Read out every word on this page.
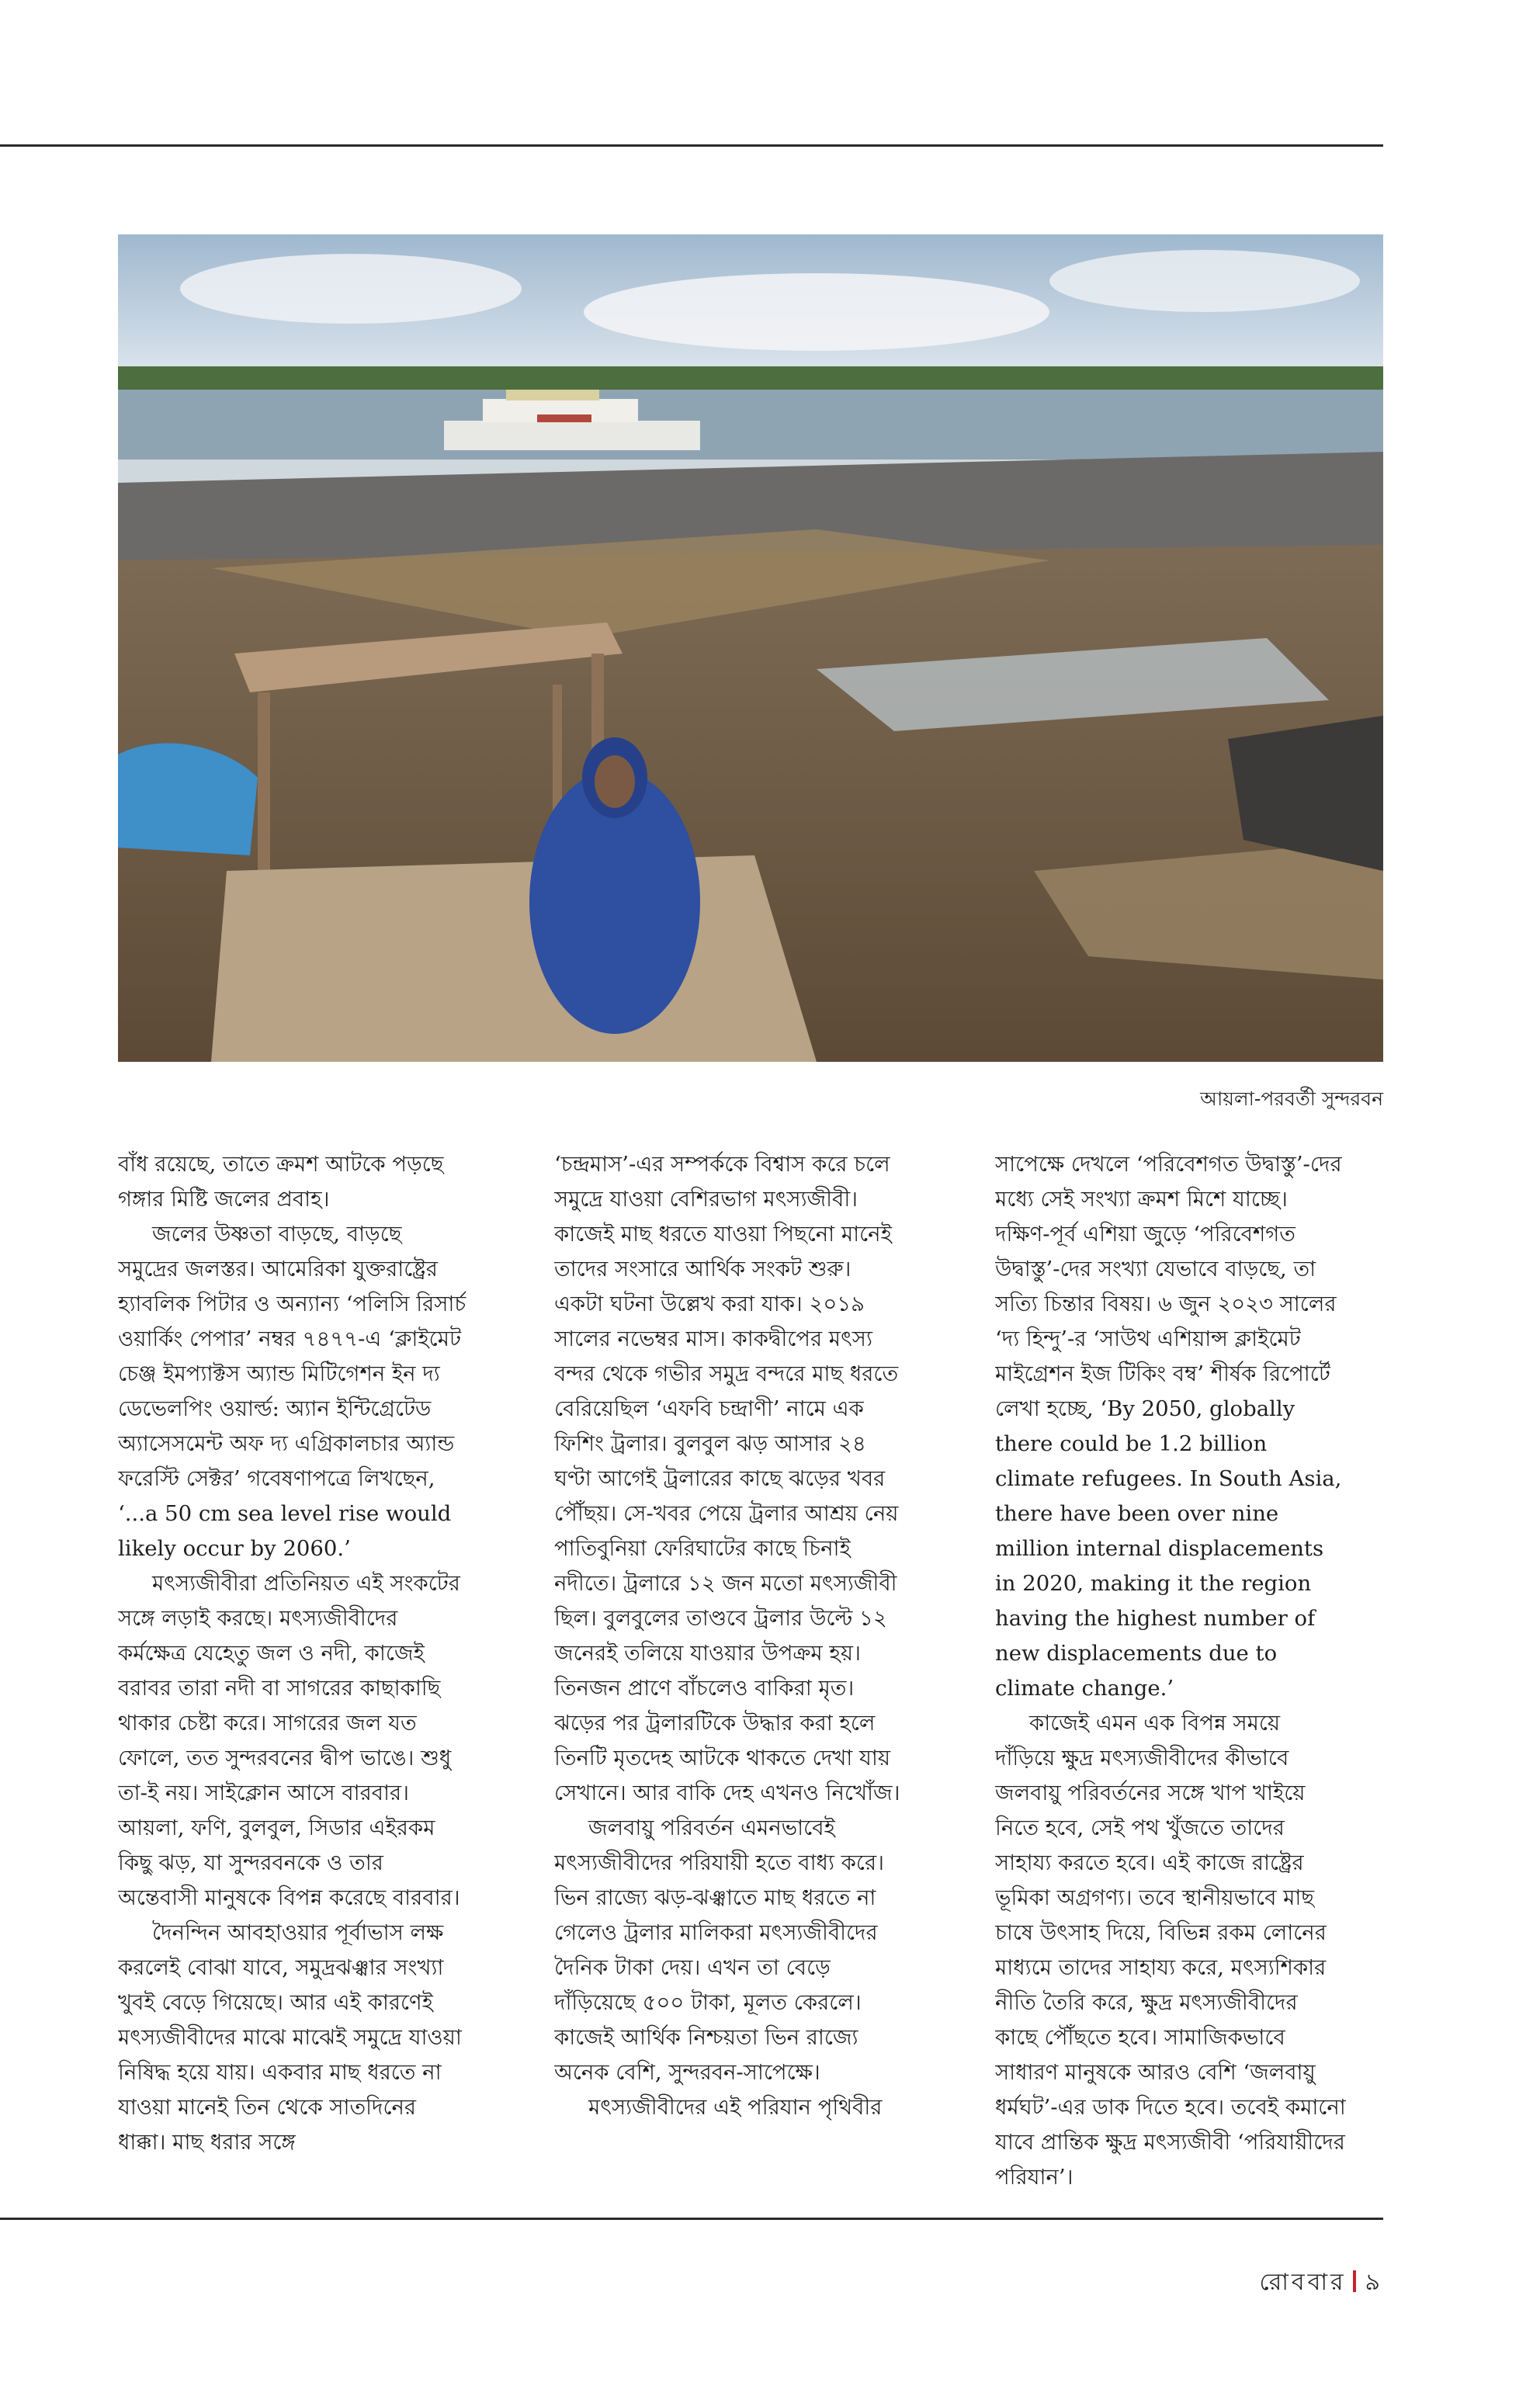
আয়লা-পরবর্তী সুন্দরবন

বাঁধ রয়েছে, তাতে ক্রমশ আটকে পড়ছে গঙ্গার মিষ্টি জলের প্রবাহ।

জলের উষ্ণতা বাড়ছে, বাড়ছে সমুদ্রের জলস্তর। আমেরিকা যুক্তরাষ্ট্রের হ্যাবলিক পিটার ও অন্যান্য ‘পলিসি রিসার্চ ওয়ার্কিং পেপার’ নম্বর ৭৪৭৭-এ ‘ক্লাইমেট চেঞ্জ ইমপ্যাক্টস অ্যান্ড মিটিগেশন ইন দ্য ডেভেলপিং ওয়ার্ল্ড: অ্যান ইন্টিগ্রেটেড অ্যাসেসমেন্ট অফ দ্য এগ্রিকালচার অ্যান্ড ফরেস্টি সেক্টর’ গবেষণাপত্রে লিখছেন, ‘...a 50 cm sea level rise would likely occur by 2060.’

মৎস্যজীবীরা প্রতিনিয়ত এই সংকটের সঙ্গে লড়াই করছে। মৎস্যজীবীদের কর্মক্ষেত্র যেহেতু জল ও নদী, কাজেই বরাবর তারা নদী বা সাগরের কাছাকাছি থাকার চেষ্টা করে। সাগরের জল যত ফোলে, তত সুন্দরবনের দ্বীপ ভাঙে। শুধু তা-ই নয়। সাইক্লোন আসে বারবার। আয়লা, ফণি, বুলবুল, সিডার এইরকম কিছু ঝড়, যা সুন্দরবনকে ও তার অন্তেবাসী মানুষকে বিপন্ন করেছে বারবার।

দৈনন্দিন আবহাওয়ার পূর্বাভাস লক্ষ করলেই বোঝা যাবে, সমুদ্রঝঞ্ঝার সংখ্যা খুবই বেড়ে গিয়েছে। আর এই কারণেই মৎস্যজীবীদের মাঝে মাঝেই সমুদ্রে যাওয়া নিষিদ্ধ হয়ে যায়। একবার মাছ ধরতে না যাওয়া মানেই তিন থেকে সাতদিনের ধাক্কা। মাছ ধরার সঙ্গে

‘চন্দ্রমাস’-এর সম্পর্ককে বিশ্বাস করে চলে সমুদ্রে যাওয়া বেশিরভাগ মৎস্যজীবী। কাজেই মাছ ধরতে যাওয়া পিছনো মানেই তাদের সংসারে আর্থিক সংকট শুরু। একটা ঘটনা উল্লেখ করা যাক। ২০১৯ সালের নভেম্বর মাস। কাকদ্বীপের মৎস্য বন্দর থেকে গভীর সমুদ্র বন্দরে মাছ ধরতে বেরিয়েছিল ‘এফবি চন্দ্রাণী’ নামে এক ফিশিং ট্রলার। বুলবুল ঝড় আসার ২৪ ঘণ্টা আগেই ট্রলারের কাছে ঝড়ের খবর পৌঁছয়। সে-খবর পেয়ে ট্রলার আশ্রয় নেয় পাতিবুনিয়া ফেরিঘাটের কাছে চিনাই নদীতে। ট্রলারে ১২ জন মতো মৎস্যজীবী ছিল। বুলবুলের তাণ্ডবে ট্রলার উল্টে ১২ জনেরই তলিয়ে যাওয়ার উপক্রম হয়। তিনজন প্রাণে বাঁচলেও বাকিরা মৃত। ঝড়ের পর ট্রলারটিকে উদ্ধার করা হলে তিনটি মৃতদেহ আটকে থাকতে দেখা যায় সেখানে। আর বাকি দেহ এখনও নিখোঁজ।

জলবায়ু পরিবর্তন এমনভাবেই মৎস্যজীবীদের পরিযায়ী হতে বাধ্য করে। ভিন রাজ্যে ঝড়-ঝঞ্ঝাতে মাছ ধরতে না গেলেও ট্রলার মালিকরা মৎস্যজীবীদের দৈনিক টাকা দেয়। এখন তা বেড়ে দাঁড়িয়েছে ৫০০ টাকা, মূলত কেরলে। কাজেই আর্থিক নিশ্চয়তা ভিন রাজ্যে অনেক বেশি, সুন্দরবন-সাপেক্ষে।

মৎস্যজীবীদের এই পরিযান পৃথিবীর

সাপেক্ষে দেখলে ‘পরিবেশগত উদ্বাস্তু’-দের মধ্যে সেই সংখ্যা ক্রমশ মিশে যাচ্ছে। দক্ষিণ-পূর্ব এশিয়া জুড়ে ‘পরিবেশগত উদ্বাস্তু’-দের সংখ্যা যেভাবে বাড়ছে, তা সত্যি চিন্তার বিষয়। ৬ জুন ২০২৩ সালের ‘দ্য হিন্দু’-র ‘সাউথ এশিয়ান্স ক্লাইমেট মাইগ্রেশন ইজ টিকিং বম্ব’ শীর্ষক রিপোর্টে লেখা হচ্ছে, ‘By 2050, globally there could be 1.2 billion climate refugees. In South Asia, there have been over nine million internal displacements in 2020, making it the region having the highest number of new displacements due to climate change.’

কাজেই এমন এক বিপন্ন সময়ে দাঁড়িয়ে ক্ষুদ্র মৎস্যজীবীদের কীভাবে জলবায়ু পরিবর্তনের সঙ্গে খাপ খাইয়ে নিতে হবে, সেই পথ খুঁজতে তাদের সাহায্য করতে হবে। এই কাজে রাষ্ট্রের ভূমিকা অগ্রগণ্য। তবে স্থানীয়ভাবে মাছ চাষে উৎসাহ দিয়ে, বিভিন্ন রকম লোনের মাধ্যমে তাদের সাহায্য করে, মৎস্যশিকার নীতি তৈরি করে, ক্ষুদ্র মৎস্যজীবীদের কাছে পৌঁছতে হবে। সামাজিকভাবে সাধারণ মানুষকে আরও বেশি ‘জলবায়ু ধর্মঘট’-এর ডাক দিতে হবে। তবেই কমানো যাবে প্রান্তিক ক্ষুদ্র মৎস্যজীবী ‘পরিযায়ীদের পরিযান’।

রোববার ৯
